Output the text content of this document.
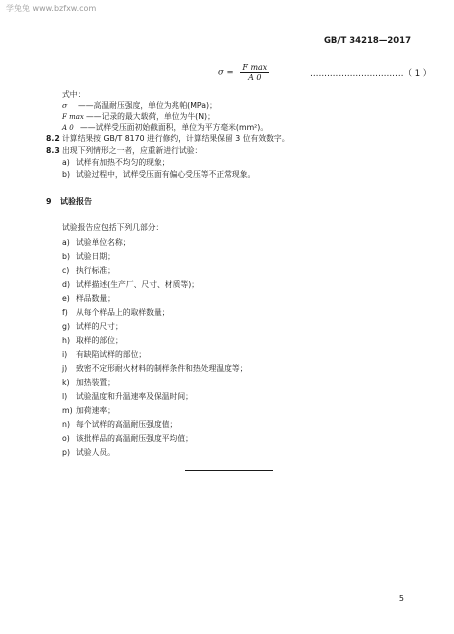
学兔兔 www.bzfxw.com
GB/T 34218—2017
$\sigma = \frac{\text{F max}}{A 0}$	……………………………（ 1 ）
式中：
σ ——高温耐压强度，单位为兆帕(MPa)；
F max ——记录的最大载荷，单位为牛(N)；
A 0 ——试样受压面初始截面积，单位为平方毫米(mm²)。
8.2 计算结果按 GB/T 8170 进行修约，计算结果保留 3 位有效数字。
8.3 出现下列情形之一者，应重新进行试验：
a) 试样有加热不均匀的现象；
b) 试验过程中，试样受压面有偏心受压等不正常现象。
9 试验报告
试验报告应包括下列几部分：
a) 试验单位名称；
b) 试验日期；
c) 执行标准；
d) 试样描述(生产厂、尺寸、材质等)；
e) 样品数量；
f) 从每个样品上的取样数量；
g) 试样的尺寸；
h) 取样的部位；
i) 有缺陷试样的部位；
j) 致密不定形耐火材料的制样条件和热处理温度等；
k) 加热装置；
l) 试验温度和升温速率及保温时间；
m) 加荷速率；
n) 每个试样的高温耐压强度值；
o) 该批样品的高温耐压强度平均值；
p) 试验人员。
5
